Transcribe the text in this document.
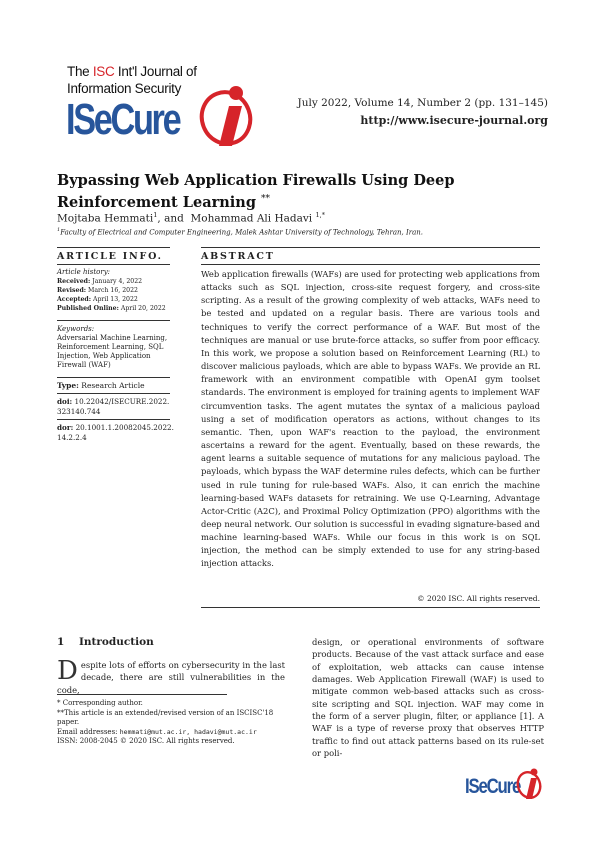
The ISC Int'l Journal of
Information Security
ISeCure	July 2022, Volume 14, Number 2 (pp. 131–145)
http://www.isecure-journal.org
Bypassing Web Application Firewalls Using Deep Reinforcement Learning **
Mojtaba Hemmati$^1$, and Mohammad Ali Hadavi $^{1,*}$
$^1$Faculty of Electrical and Computer Engineering, Malek Ashtar University of Technology, Tehran, Iran.
ARTICLE INFO.
Article history:
Received: January 4, 2022
Revised: March 16, 2022
Accepted: April 13, 2022
Published Online: April 20, 2022
Keywords:
Adversarial Machine Learning,
Reinforcement Learning, SQL
Injection, Web Application
Firewall (WAF)
Type: Research Article
doi: 10.22042/ISECURE.2022.
323140.744
dor: 20.1001.1.20082045.2022.
14.2.2.4
ABSTRACT
Web application firewalls (WAFs) are used for protecting web applications from attacks such as SQL injection, cross-site request forgery, and cross-site scripting. As a result of the growing complexity of web attacks, WAFs need to be tested and updated on a regular basis. There are various tools and techniques to verify the correct performance of a WAF. But most of the techniques are manual or use brute-force attacks, so suffer from poor efficacy. In this work, we propose a solution based on Reinforcement Learning (RL) to discover malicious payloads, which are able to bypass WAFs. We provide an RL framework with an environment compatible with OpenAI gym toolset standards. The environment is employed for training agents to implement WAF circumvention tasks. The agent mutates the syntax of a malicious payload using a set of modification operators as actions, without changes to its semantic. Then, upon WAF's reaction to the payload, the environment ascertains a reward for the agent. Eventually, based on these rewards, the agent learns a suitable sequence of mutations for any malicious payload. The payloads, which bypass the WAF determine rules defects, which can be further used in rule tuning for rule-based WAFs. Also, it can enrich the machine learning-based WAFs datasets for retraining. We use Q-Learning, Advantage Actor-Critic (A2C), and Proximal Policy Optimization (PPO) algorithms with the deep neural network. Our solution is successful in evading signature-based and machine learning-based WAFs. While our focus in this work is on SQL injection, the method can be simply extended to use for any string-based injection attacks.
© 2020 ISC. All rights reserved.
1 Introduction
Despite lots of efforts on cybersecurity in the last decade, there are still vulnerabilities in the code,
design, or operational environments of software products. Because of the vast attack surface and ease of exploitation, web attacks can cause intense damages. Web Application Firewall (WAF) is used to mitigate common web-based attacks such as cross-site scripting and SQL injection. WAF may come in the form of a server plugin, filter, or appliance [1]. A WAF is a type of reverse proxy that observes HTTP traffic to find out attack patterns based on its rule-set or poli-
* Corresponding author.
**This article is an extended/revised version of an ISCISC'18 paper.
Email addresses: hemmati@mut.ac.ir, hadavi@mut.ac.ir
ISSN: 2008-2045 © 2020 ISC. All rights reserved.
ISeCure
